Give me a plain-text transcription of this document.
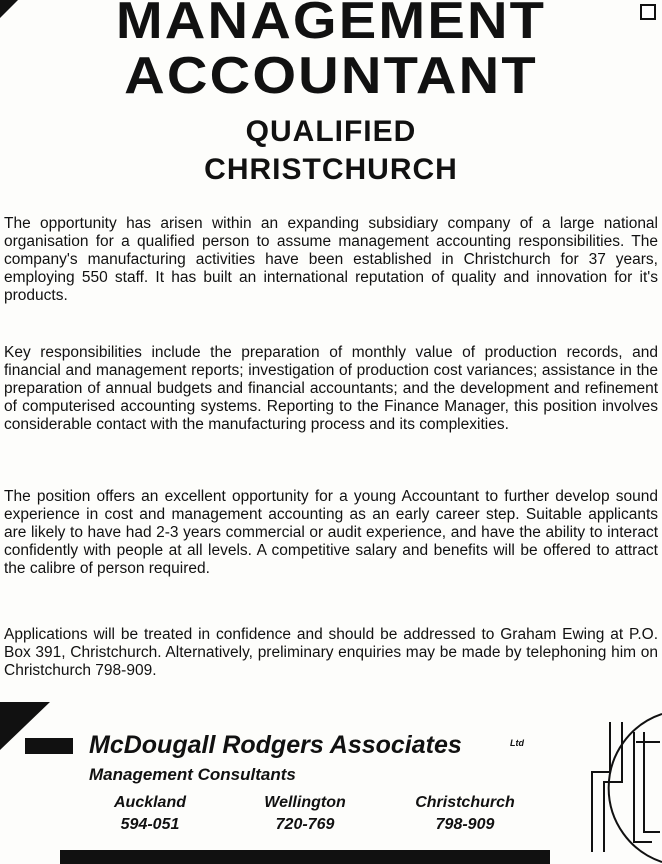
MANAGEMENT
ACCOUNTANT
QUALIFIED
CHRISTCHURCH

The opportunity has arisen within an expanding subsidiary company of a large national organisation for a qualified person to assume management accounting responsibilities. The company's manufacturing activities have been established in Christchurch for 37 years, employing 550 staff. It has built an international reputation of quality and innovation for it's products.

Key responsibilities include the preparation of monthly value of production records, and financial and management reports; investigation of production cost variances; assistance in the preparation of annual budgets and financial accountants; and the development and refinement of computerised accounting systems. Reporting to the Finance Manager, this position involves considerable contact with the manufacturing process and its complexities.

The position offers an excellent opportunity for a young Accountant to further develop sound experience in cost and management accounting as an early career step. Suitable applicants are likely to have had 2-3 years commercial or audit experience, and have the ability to interact confidently with people at all levels. A competitive salary and benefits will be offered to attract the calibre of person required.

Applications will be treated in confidence and should be addressed to Graham Ewing at P.O. Box 391, Christchurch. Alternatively, preliminary enquiries may be made by telephoning him on Christchurch 798-909.

McDougall Rodgers Associates	Ltd

Management Consultants

Auckland
594-051
Wellington
720-769
Christchurch
798-909
